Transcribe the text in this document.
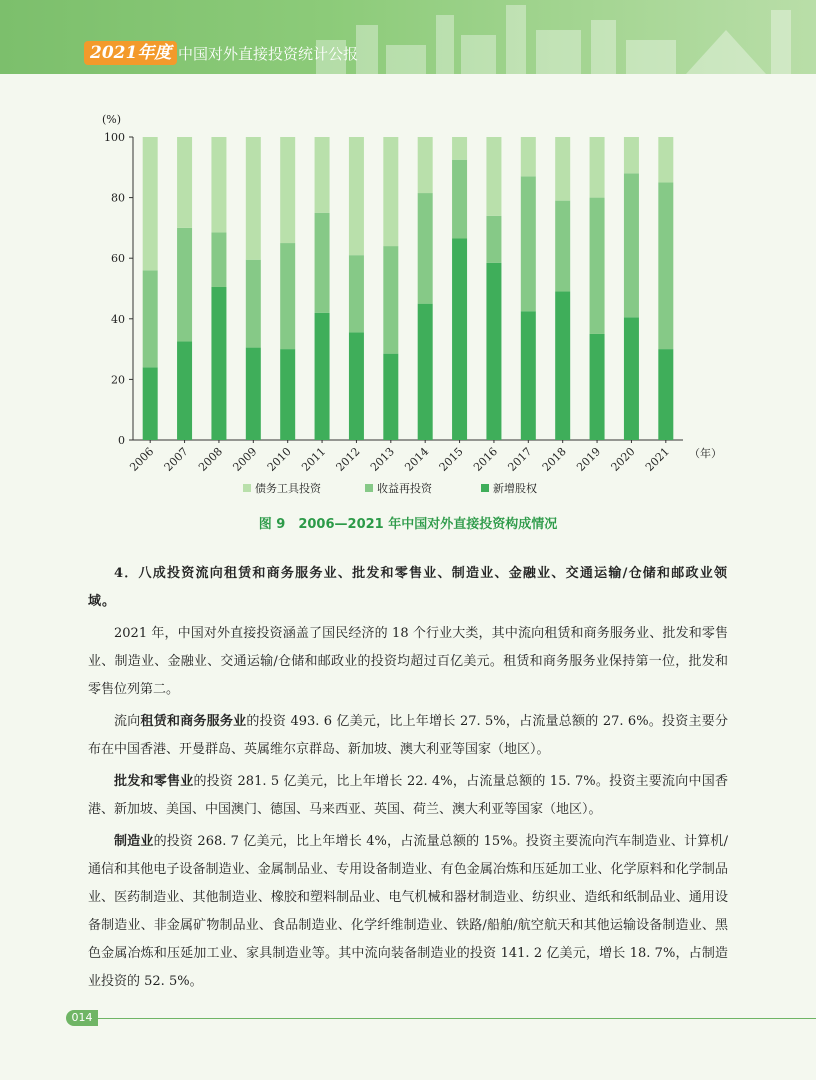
2021年度 中国对外直接投资统计公报
0
20
40
60
80
100
(%)
2006 2007 2008 2009 2010 2011 2012 2013 2014 2015 2016 2017 2018 2019 2020 2021 （年）
债务工具投资	收益再投资	新增股权
图 9　2006—2021 年中国对外直接投资构成情况

4．八成投资流向租赁和商务服务业、批发和零售业、制造业、金融业、交通运输/仓储和邮政业领域。

2021 年，中国对外直接投资涵盖了国民经济的 18 个行业大类，其中流向租赁和商务服务业、批发和零售业、制造业、金融业、交通运输/仓储和邮政业的投资均超过百亿美元。租赁和商务服务业保持第一位，批发和零售位列第二。

流向租赁和商务服务业的投资 493. 6 亿美元，比上年增长 27. 5%，占流量总额的 27. 6%。投资主要分布在中国香港、开曼群岛、英属维尔京群岛、新加坡、澳大利亚等国家（地区）。

批发和零售业的投资 281. 5 亿美元，比上年增长 22. 4%，占流量总额的 15. 7%。投资主要流向中国香港、新加坡、美国、中国澳门、德国、马来西亚、英国、荷兰、澳大利亚等国家（地区）。

制造业的投资 268. 7 亿美元，比上年增长 4%，占流量总额的 15%。投资主要流向汽车制造业、计算机/通信和其他电子设备制造业、金属制品业、专用设备制造业、有色金属冶炼和压延加工业、化学原料和化学制品业、医药制造业、其他制造业、橡胶和塑料制品业、电气机械和器材制造业、纺织业、造纸和纸制品业、通用设备制造业、非金属矿物制品业、食品制造业、化学纤维制造业、铁路/船舶/航空航天和其他运输设备制造业、黑色金属冶炼和压延加工业、家具制造业等。其中流向装备制造业的投资 141. 2 亿美元，增长 18. 7%，占制造业投资的 52. 5%。

014
